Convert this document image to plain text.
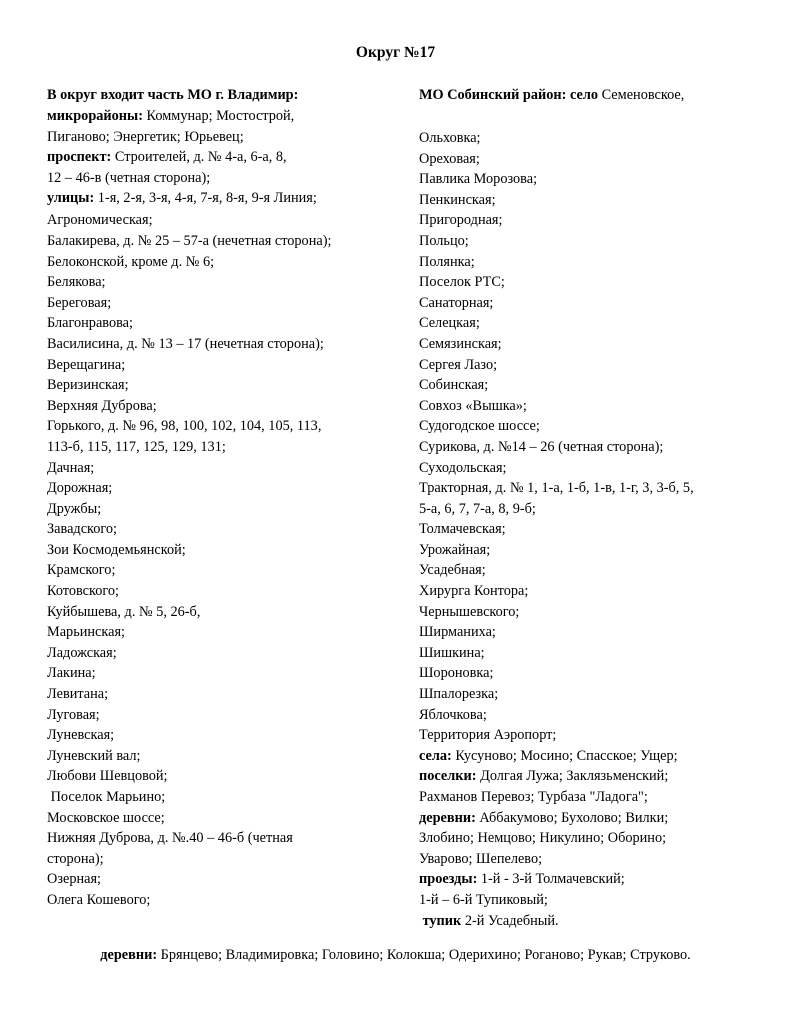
Округ №17
В округ входит часть МО г. Владимир:
микрорайоны: Коммунар; Мостострой,
Пиганово; Энергетик; Юрьевец;
проспект: Строителей, д. № 4-а, 6-а, 8,
12 – 46-в (четная сторона);
улицы: 1-я, 2-я, 3-я, 4-я, 7-я, 8-я, 9-я Линия;
Агрономическая;
Балакирева, д. № 25 – 57-а (нечетная сторона);
Белоконской, кроме д. № 6;
Белякова;
Береговая;
Благонравова;
Василисина, д. № 13 – 17 (нечетная сторона);
Верещагина;
Веризинская;
Верхняя Дуброва;
Горького, д. № 96, 98, 100, 102, 104, 105, 113,
113-б, 115, 117, 125, 129, 131;
Дачная;
Дорожная;
Дружбы;
Завадского;
Зои Космодемьянской;
Крамского;
Котовского;
Куйбышева, д. № 5, 26-б,
Марьинская;
Ладожская;
Лакина;
Левитана;
Луговая;
Луневская;
Луневский вал;
Любови Шевцовой;
Поселок Марьино;
Московское шоссе;
Нижняя Дуброва, д. №.40 – 46-б (четная
сторона);
Озерная;
Олега Кошевого;
МО Собинский район: село Семеновское,
Ольховка;
Ореховая;
Павлика Морозова;
Пенкинская;
Пригородная;
Польцо;
Полянка;
Поселок РТС;
Санаторная;
Селецкая;
Семязинская;
Сергея Лазо;
Собинская;
Совхоз «Вышка»;
Судогодское шоссе;
Сурикова, д. №14 – 26 (четная сторона);
Суходольская;
Тракторная, д. № 1, 1-а, 1-б, 1-в, 1-г, 3, 3-б, 5,
5-а, 6, 7, 7-а, 8, 9-б;
Толмачевская;
Урожайная;
Усадебная;
Хирурга Контора;
Чернышевского;
Ширманиха;
Шишкина;
Шороновка;
Шпалорезка;
Яблочкова;
Территория Аэропорт;
села: Кусуново; Мосино; Спасское; Ущер;
поселки: Долгая Лужа; Заклязьменский;
Рахманов Перевоз; Турбаза "Ладога";
деревни: Аббакумово; Бухолово; Вилки;
Злобино; Немцово; Никулино; Оборино;
Уварово; Шепелево;
проезды: 1-й - 3-й Толмачевский;
1-й – 6-й Тупиковый;
тупик 2-й Усадебный.
деревни: Брянцево; Владимировка; Головино; Колокша; Одерихино; Роганово; Рукав; Струково.
